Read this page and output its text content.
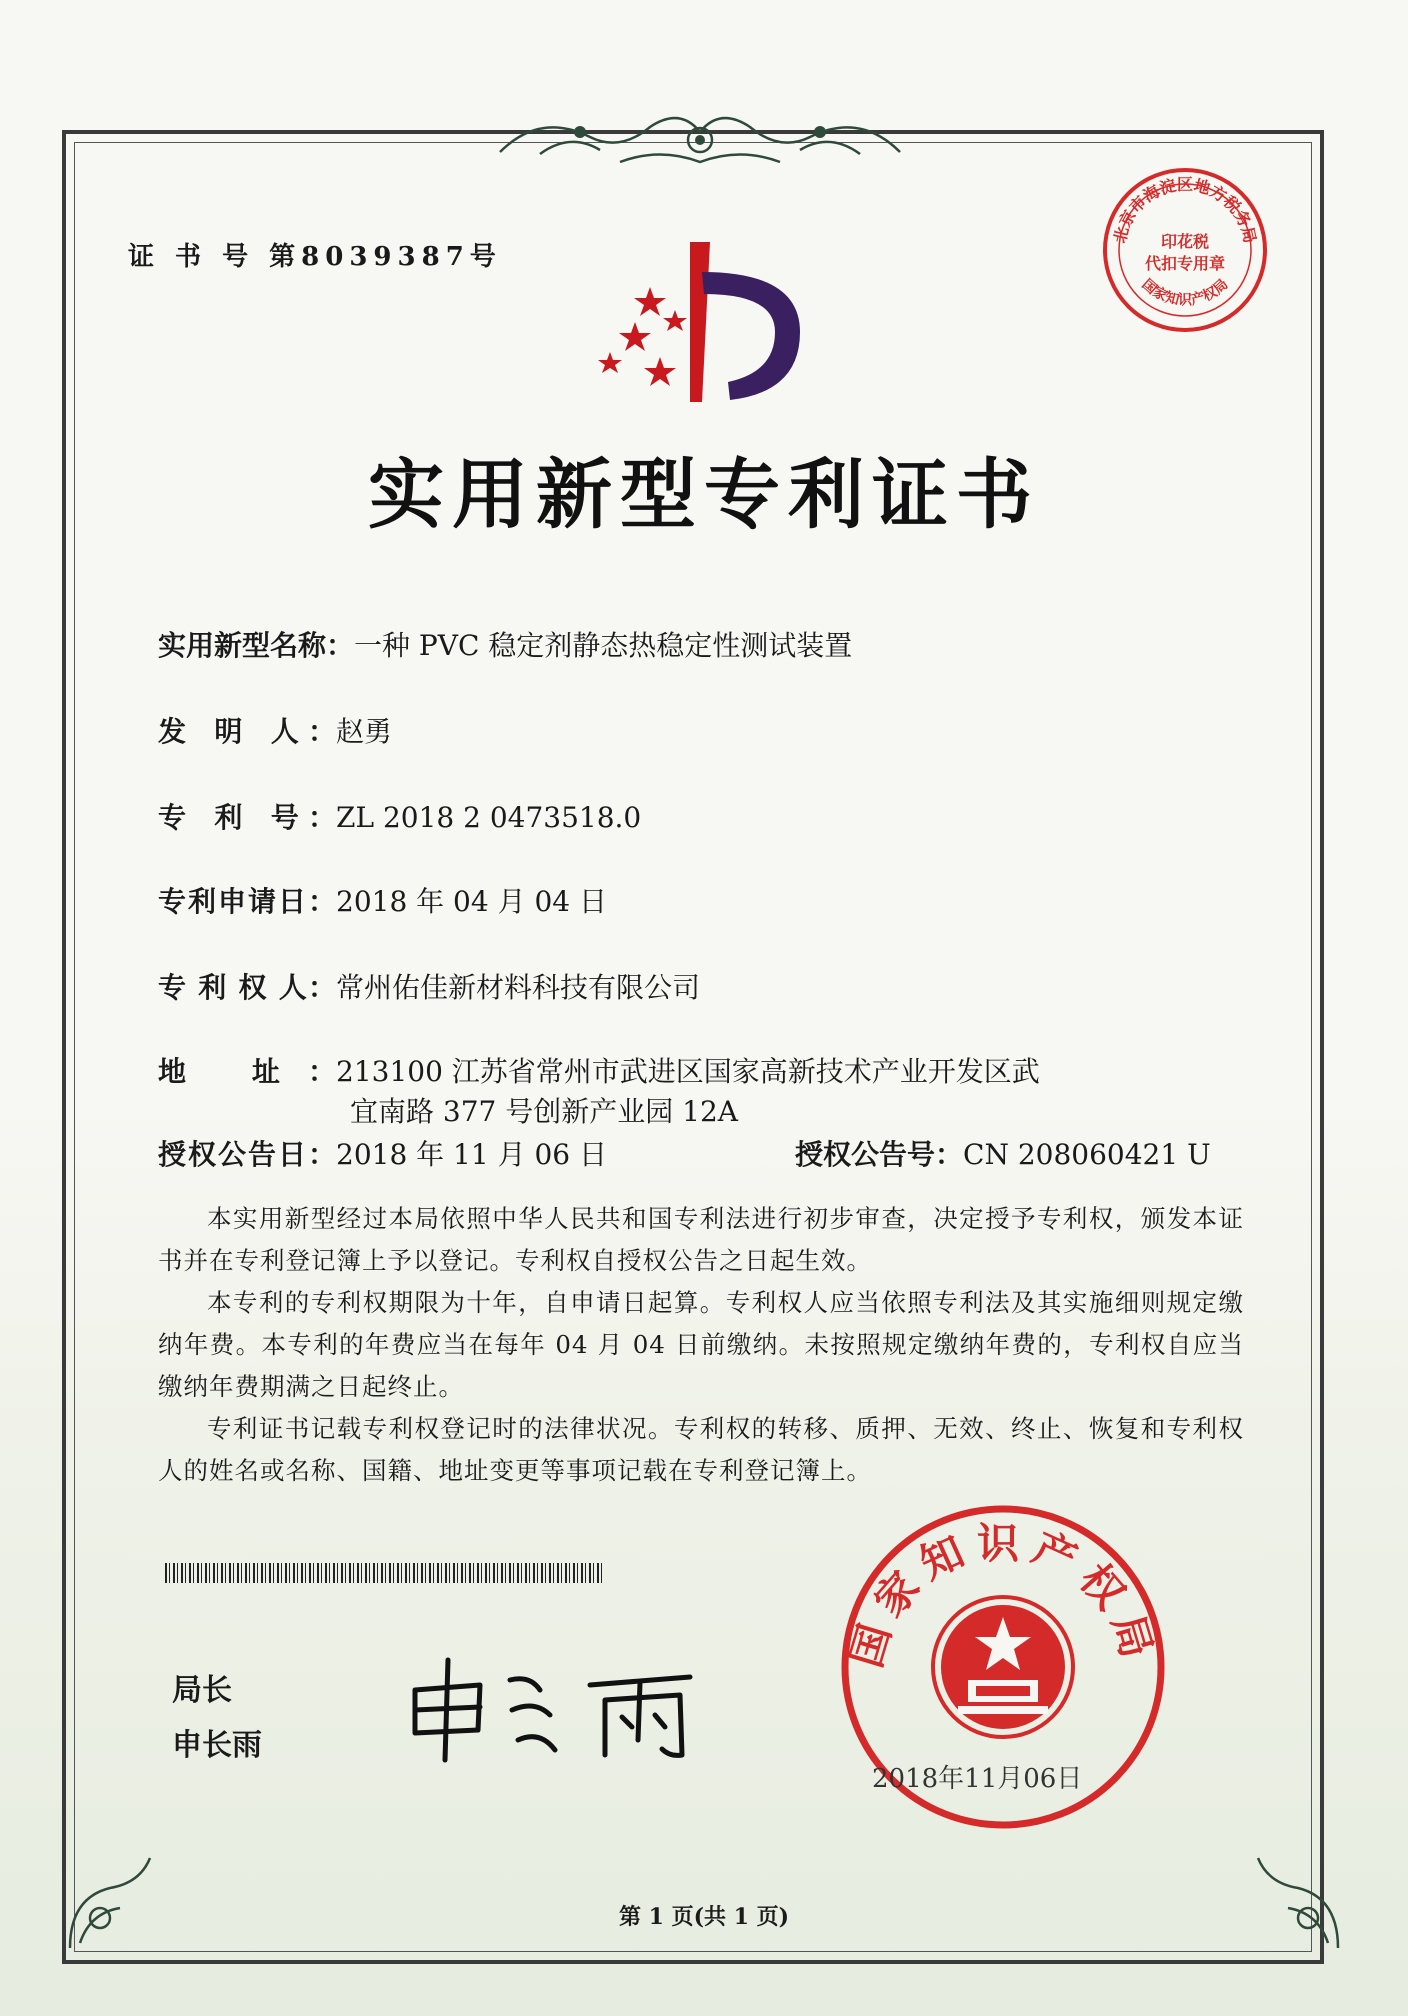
证 书 号 第8039387号
北京市海淀区地方税务局
印花税
代扣专用章
国家知识产权局
实用新型专利证书
实用新型名称：一种 PVC 稳定剂静态热稳定性测试装置
发 明 人：赵勇
专 利 号：ZL 2018 2 0473518.0
专利申请日：2018 年 04 月 04 日
专 利 权 人：常州佑佳新材料科技有限公司
地 址：213100 江苏省常州市武进区国家高新技术产业开发区武
宜南路 377 号创新产业园 12A
授权公告日：2018 年 11 月 06 日	授权公告号：CN 208060421 U

本实用新型经过本局依照中华人民共和国专利法进行初步审查，决定授予专利权，颁发本证书并在专利登记簿上予以登记。专利权自授权公告之日起生效。

本专利的专利权期限为十年，自申请日起算。专利权人应当依照专利法及其实施细则规定缴纳年费。本专利的年费应当在每年 04 月 04 日前缴纳。未按照规定缴纳年费的，专利权自应当缴纳年费期满之日起终止。

专利证书记载专利权登记时的法律状况。专利权的转移、质押、无效、终止、恢复和专利权人的姓名或名称、国籍、地址变更等事项记载在专利登记簿上。

局长
申长雨
国家知识产权局
2018年11月06日
第 1 页(共 1 页)
